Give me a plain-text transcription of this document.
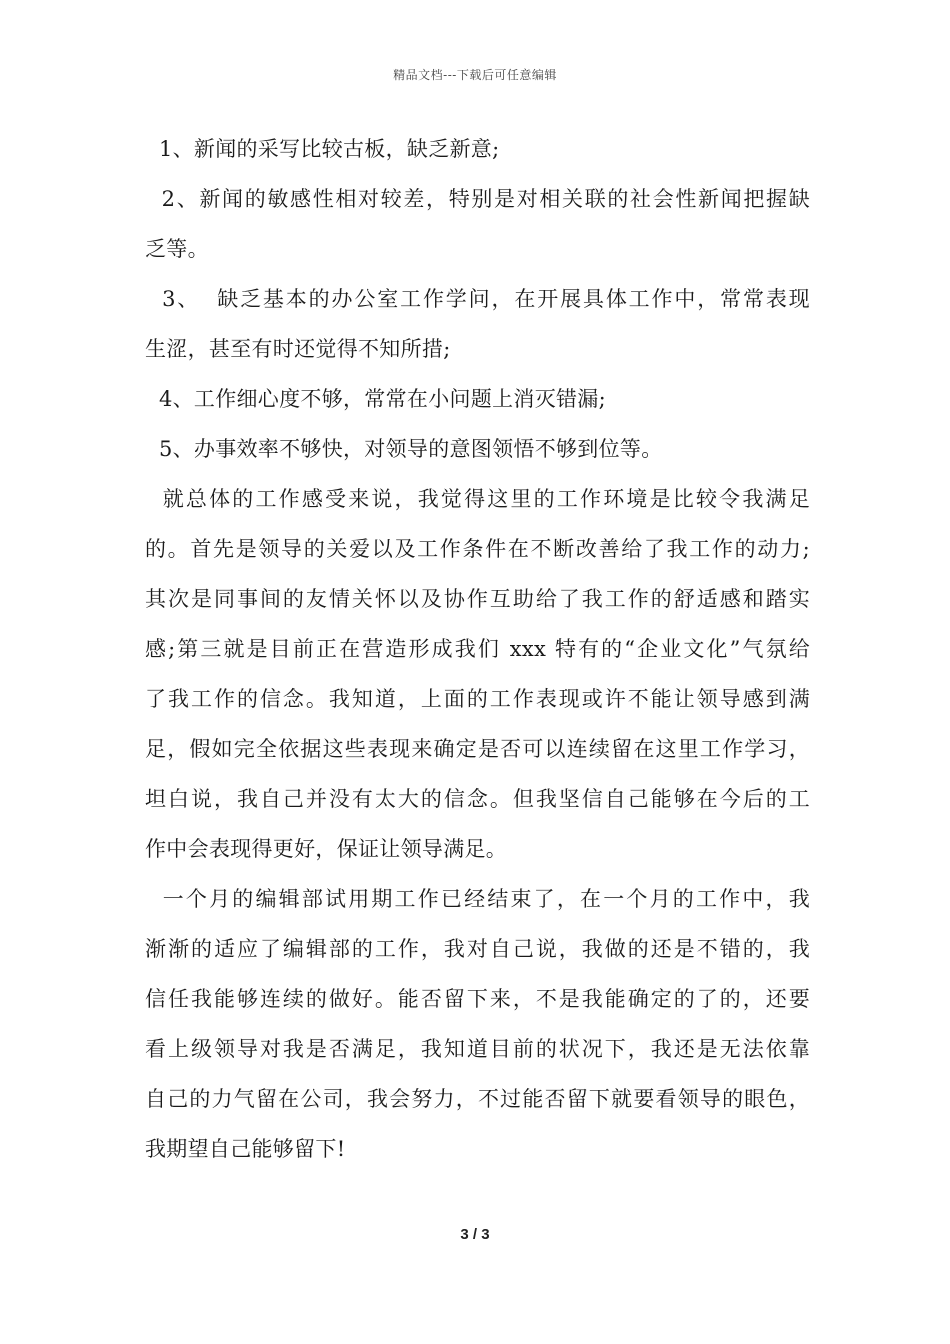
精品文档---下载后可任意编辑
1、新闻的采写比较古板，缺乏新意;
2、新闻的敏感性相对较差，特别是对相关联的社会性新闻把握缺
乏等。
3、  缺乏基本的办公室工作学问，在开展具体工作中，常常表现
生涩，甚至有时还觉得不知所措;
4、工作细心度不够，常常在小问题上消灭错漏;
5、办事效率不够快，对领导的意图领悟不够到位等。
就总体的工作感受来说，我觉得这里的工作环境是比较令我满足
的。首先是领导的关爱以及工作条件在不断改善给了我工作的动力;
其次是同事间的友情关怀以及协作互助给了我工作的舒适感和踏实
感;第三就是目前正在营造形成我们 xxx 特有的“企业文化”气氛给
了我工作的信念。我知道，上面的工作表现或许不能让领导感到满
足，假如完全依据这些表现来确定是否可以连续留在这里工作学习，
坦白说，我自己并没有太大的信念。但我坚信自己能够在今后的工
作中会表现得更好，保证让领导满足。
一个月的编辑部试用期工作已经结束了，在一个月的工作中，我
渐渐的适应了编辑部的工作，我对自己说，我做的还是不错的，我
信任我能够连续的做好。能否留下来，不是我能确定的了的，还要
看上级领导对我是否满足，我知道目前的状况下，我还是无法依靠
自己的力气留在公司，我会努力，不过能否留下就要看领导的眼色，
我期望自己能够留下!
3 / 3
